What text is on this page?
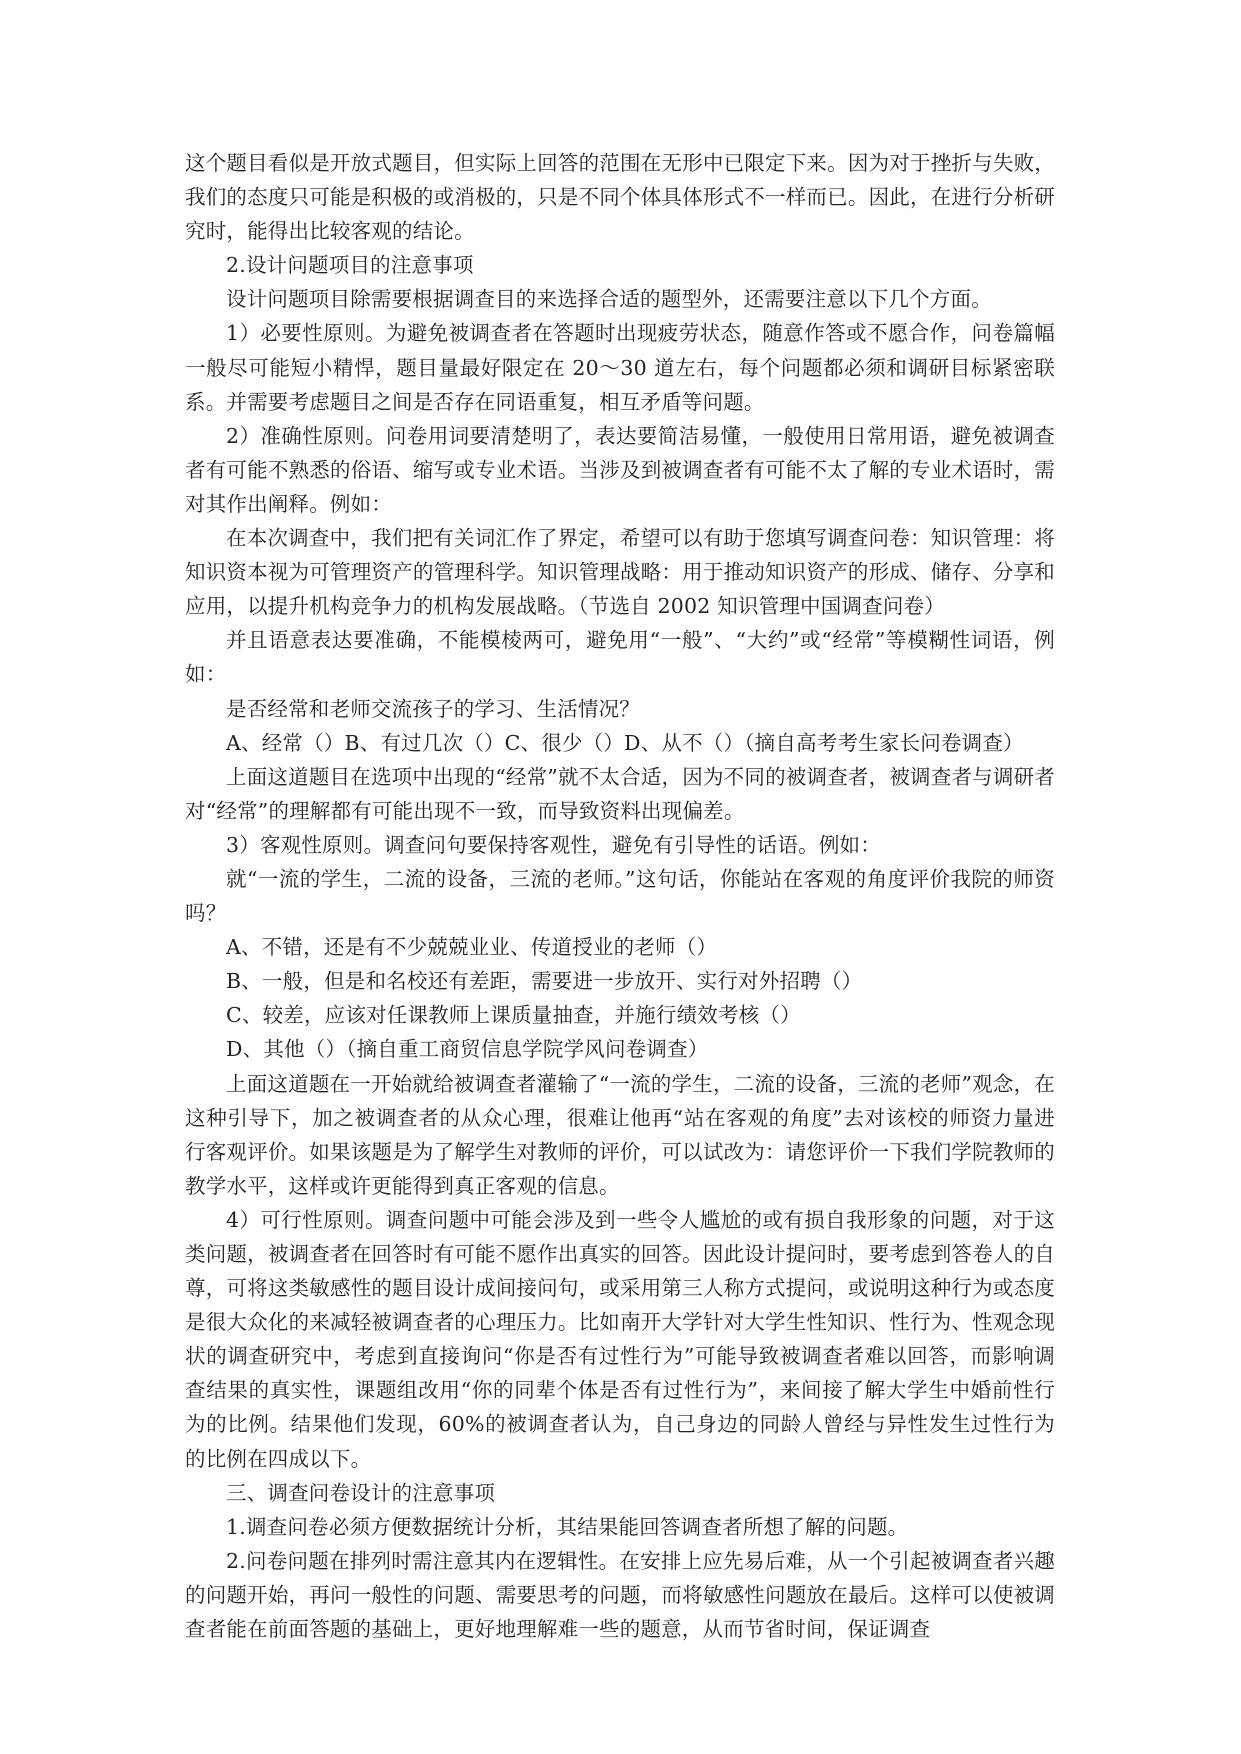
这个题目看似是开放式题目，但实际上回答的范围在无形中已限定下来。因为对于挫折与失败，我们的态度只可能是积极的或消极的，只是不同个体具体形式不一样而已。因此，在进行分析研究时，能得出比较客观的结论。

2.设计问题项目的注意事项

设计问题项目除需要根据调查目的来选择合适的题型外，还需要注意以下几个方面。

1）必要性原则。为避免被调查者在答题时出现疲劳状态，随意作答或不愿合作，问卷篇幅一般尽可能短小精悍，题目量最好限定在 20～30 道左右，每个问题都必须和调研目标紧密联系。并需要考虑题目之间是否存在同语重复，相互矛盾等问题。

2）准确性原则。问卷用词要清楚明了，表达要简洁易懂，一般使用日常用语，避免被调查者有可能不熟悉的俗语、缩写或专业术语。当涉及到被调查者有可能不太了解的专业术语时，需对其作出阐释。例如：

在本次调查中，我们把有关词汇作了界定，希望可以有助于您填写调查问卷：知识管理：将知识资本视为可管理资产的管理科学。知识管理战略：用于推动知识资产的形成、储存、分享和应用，以提升机构竞争力的机构发展战略。（节选自 2002 知识管理中国调查问卷）

并且语意表达要准确，不能模棱两可，避免用“一般”、“大约”或“经常”等模糊性词语，例如：

是否经常和老师交流孩子的学习、生活情况？

A、经常（）B、有过几次（）C、很少（）D、从不（）（摘自高考考生家长问卷调查）

上面这道题目在选项中出现的“经常”就不太合适，因为不同的被调查者，被调查者与调研者对“经常”的理解都有可能出现不一致，而导致资料出现偏差。

3）客观性原则。调查问句要保持客观性，避免有引导性的话语。例如：

就“一流的学生，二流的设备，三流的老师。”这句话，你能站在客观的角度评价我院的师资吗？

A、不错，还是有不少兢兢业业、传道授业的老师（）

B、一般，但是和名校还有差距，需要进一步放开、实行对外招聘（）

C、较差，应该对任课教师上课质量抽查，并施行绩效考核（）

D、其他（）（摘自重工商贸信息学院学风问卷调查）

上面这道题在一开始就给被调查者灌输了“一流的学生，二流的设备，三流的老师”观念，在这种引导下，加之被调查者的从众心理，很难让他再“站在客观的角度”去对该校的师资力量进行客观评价。如果该题是为了解学生对教师的评价，可以试改为：请您评价一下我们学院教师的教学水平，这样或许更能得到真正客观的信息。

4）可行性原则。调查问题中可能会涉及到一些令人尴尬的或有损自我形象的问题，对于这类问题，被调查者在回答时有可能不愿作出真实的回答。因此设计提问时，要考虑到答卷人的自尊，可将这类敏感性的题目设计成间接问句，或采用第三人称方式提问，或说明这种行为或态度是很大众化的来减轻被调查者的心理压力。比如南开大学针对大学生性知识、性行为、性观念现状的调查研究中，考虑到直接询问“你是否有过性行为”可能导致被调查者难以回答，而影响调查结果的真实性，课题组改用“你的同辈个体是否有过性行为”，来间接了解大学生中婚前性行为的比例。结果他们发现，60%的被调查者认为，自己身边的同龄人曾经与异性发生过性行为的比例在四成以下。

三、调查问卷设计的注意事项

1.调查问卷必须方便数据统计分析，其结果能回答调查者所想了解的问题。

2.问卷问题在排列时需注意其内在逻辑性。在安排上应先易后难，从一个引起被调查者兴趣的问题开始，再问一般性的问题、需要思考的问题，而将敏感性问题放在最后。这样可以使被调查者能在前面答题的基础上，更好地理解难一些的题意，从而节省时间，保证调查
